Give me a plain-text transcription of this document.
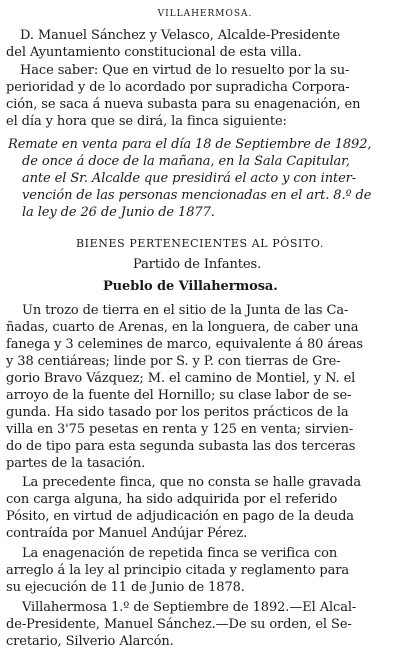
VILLAHERMOSA.
D. Manuel Sánchez y Velasco, Alcalde-Presidente
del Ayuntamiento constitucional de esta villa.
Hace saber: Que en virtud de lo resuelto por la su-
perioridad y de lo acordado por supradicha Corpora-
ción, se saca á nueva subasta para su enagenación, en
el día y hora que se dirá, la finca siguiente:
Remate en venta para el día 18 de Septiembre de 1892,
de once á doce de la mañana, en la Sala Capitular,
ante el Sr. Alcalde que presidirá el acto y con inter-
vención de las personas mencionadas en el art. 8.º de
la ley de 26 de Junio de 1877.
BIENES PERTENECIENTES AL PÓSITO.
Partido de Infantes.
Pueblo de Villahermosa.
Un trozo de tierra en el sitio de la Junta de las Ca-
ñadas, cuarto de Arenas, en la longuera, de caber una
fanega y 3 celemines de marco, equivalente á 80 áreas
y 38 centiáreas; linde por S. y P. con tierras de Gre-
gorio Bravo Vázquez; M. el camino de Montiel, y N. el
arroyo de la fuente del Hornillo; su clase labor de se-
gunda. Ha sido tasado por los peritos prácticos de la
villa en 3'75 pesetas en renta y 125 en venta; sirvien-
do de tipo para esta segunda subasta las dos terceras
partes de la tasación.
La precedente finca, que no consta se halle gravada
con carga alguna, ha sido adquirida por el referido
Pósito, en virtud de adjudicación en pago de la deuda
contraída por Manuel Andújar Pérez.
La enagenación de repetida finca se verifica con
arreglo á la ley al principio citada y reglamento para
su ejecución de 11 de Junio de 1878.
Villahermosa 1.º de Septiembre de 1892.—El Alcal-
de-Presidente, Manuel Sánchez.—De su orden, el Se-
cretario, Silverio Alarcón.
